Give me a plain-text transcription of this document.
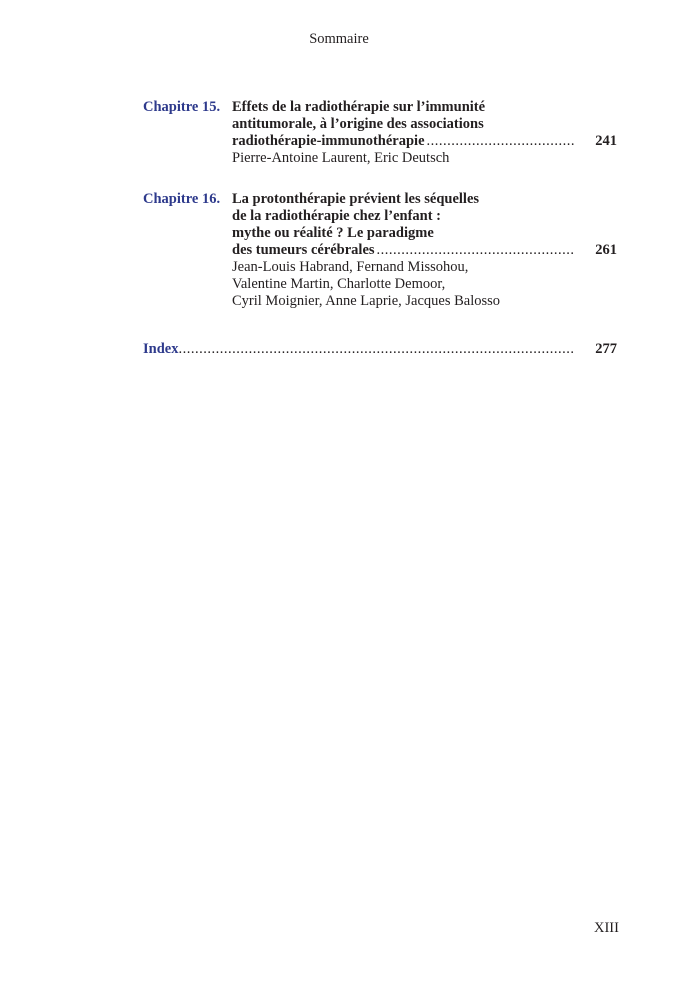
Sommaire
Chapitre 15. Effets de la radiothérapie sur l’immunité
antitumorale, à l’origine des associations
radiothérapie-immunothérapie .....	241
Pierre-Antoine Laurent, Eric Deutsch
Chapitre 16. La protonthérapie prévient les séquelles
de la radiothérapie chez l’enfant :
mythe ou réalité ? Le paradigme
des tumeurs cérébrales .....	261
Jean-Louis Habrand, Fernand Missohou,
Valentine Martin, Charlotte Demoor,
Cyril Moignier, Anne Laprie, Jacques Balosso
Index .....	277
XIII
